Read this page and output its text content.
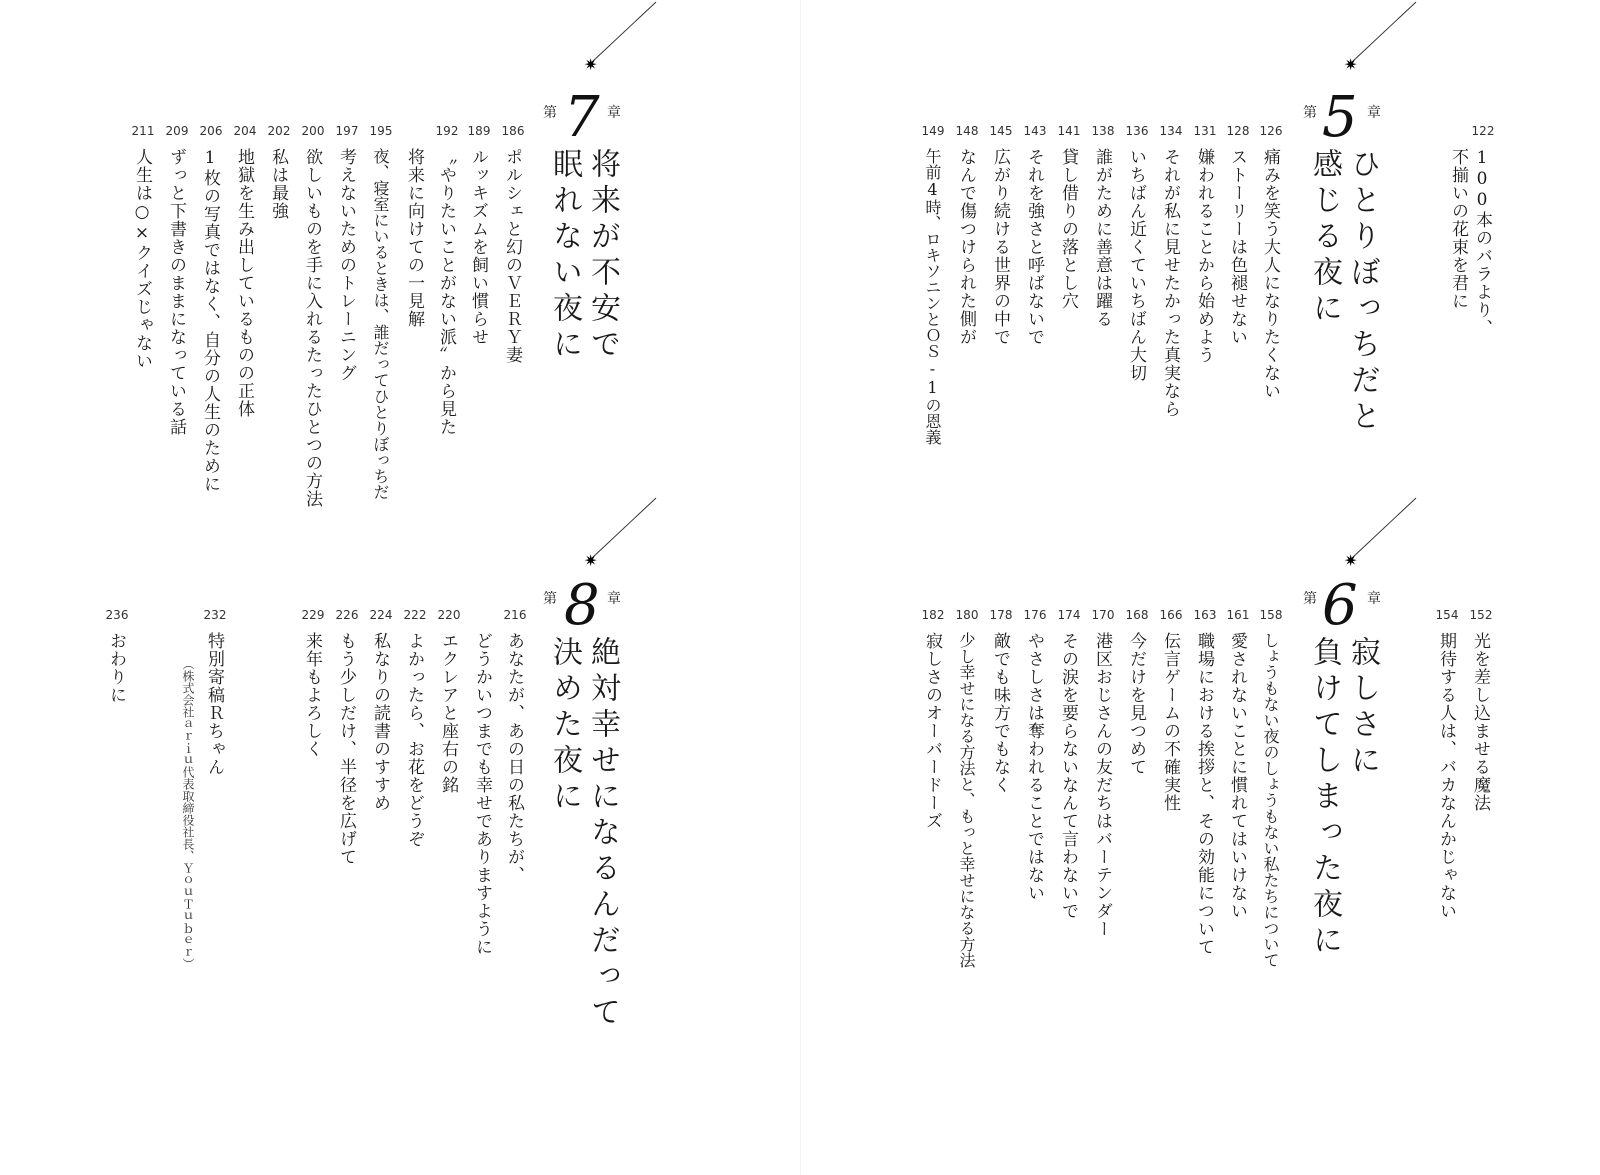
122
100本のバラより、
不揃いの花束を君に
✷
第 5 章
ひとりぼっちだと
感じる夜に
126
痛みを笑う大人になりたくない
128
ストーリーは色褪せない
131
嫌われることから始めよう
134
それが私に見せたかった真実なら
136
いちばん近くていちばん大切
138
誰がために善意は躍る
141
貸し借りの落とし穴
143
それを強さと呼ばないで
145
広がり続ける世界の中で
148
なんで傷つけられた側が
149
午前4時、ロキソニンとＯＳ-1の恩義
152
光を差し込ませる魔法
154
期待する人は、バカなんかじゃない
✷
第 6 章
寂しさに
負けてしまった夜に
158
しょうもない夜のしょうもない私たちについて
161
愛されないことに慣れてはいけない
163
職場における挨拶と、その効能について
166
伝言ゲームの不確実性
168
今だけを見つめて
170
港区おじさんの友だちはバーテンダー
174
その涙を要らないなんて言わないで
176
やさしさは奪われることではない
178
敵でも味方でもなく
180
少し幸せになる方法と、もっと幸せになる方法
182
寂しさのオーバードーズ
✷
第 7 章
将来が不安で
眠れない夜に
186
ポルシェと幻のＶＥＲＹ妻
189
ルッキズムを飼い慣らせ
192
〝やりたいことがない派〞から見た
将来に向けての一見解
195
夜、寝室にいるときは、誰だってひとりぼっちだ
197
考えないためのトレーニング
200
欲しいものを手に入れるたったひとつの方法
202
私は最強
204
地獄を生み出しているものの正体
206
1枚の写真ではなく、自分の人生のために
209
ずっと下書きのままになっている話
211
人生は○×クイズじゃない
✷
第 8 章
絶対幸せになるんだって
決めた夜に
216
あなたが、あの日の私たちが、
どうかいつまでも幸せでありますように
220
エクレアと座右の銘
222
よかったら、お花をどうぞ
224
私なりの読書のすすめ
226
もう少しだけ、半径を広げて
229
来年もよろしく
232
特別寄稿Ｒちゃん
（株式会社ａｒｉｕ代表取締役社長、ＹｏｕＴｕｂｅｒ）
236
おわりに
